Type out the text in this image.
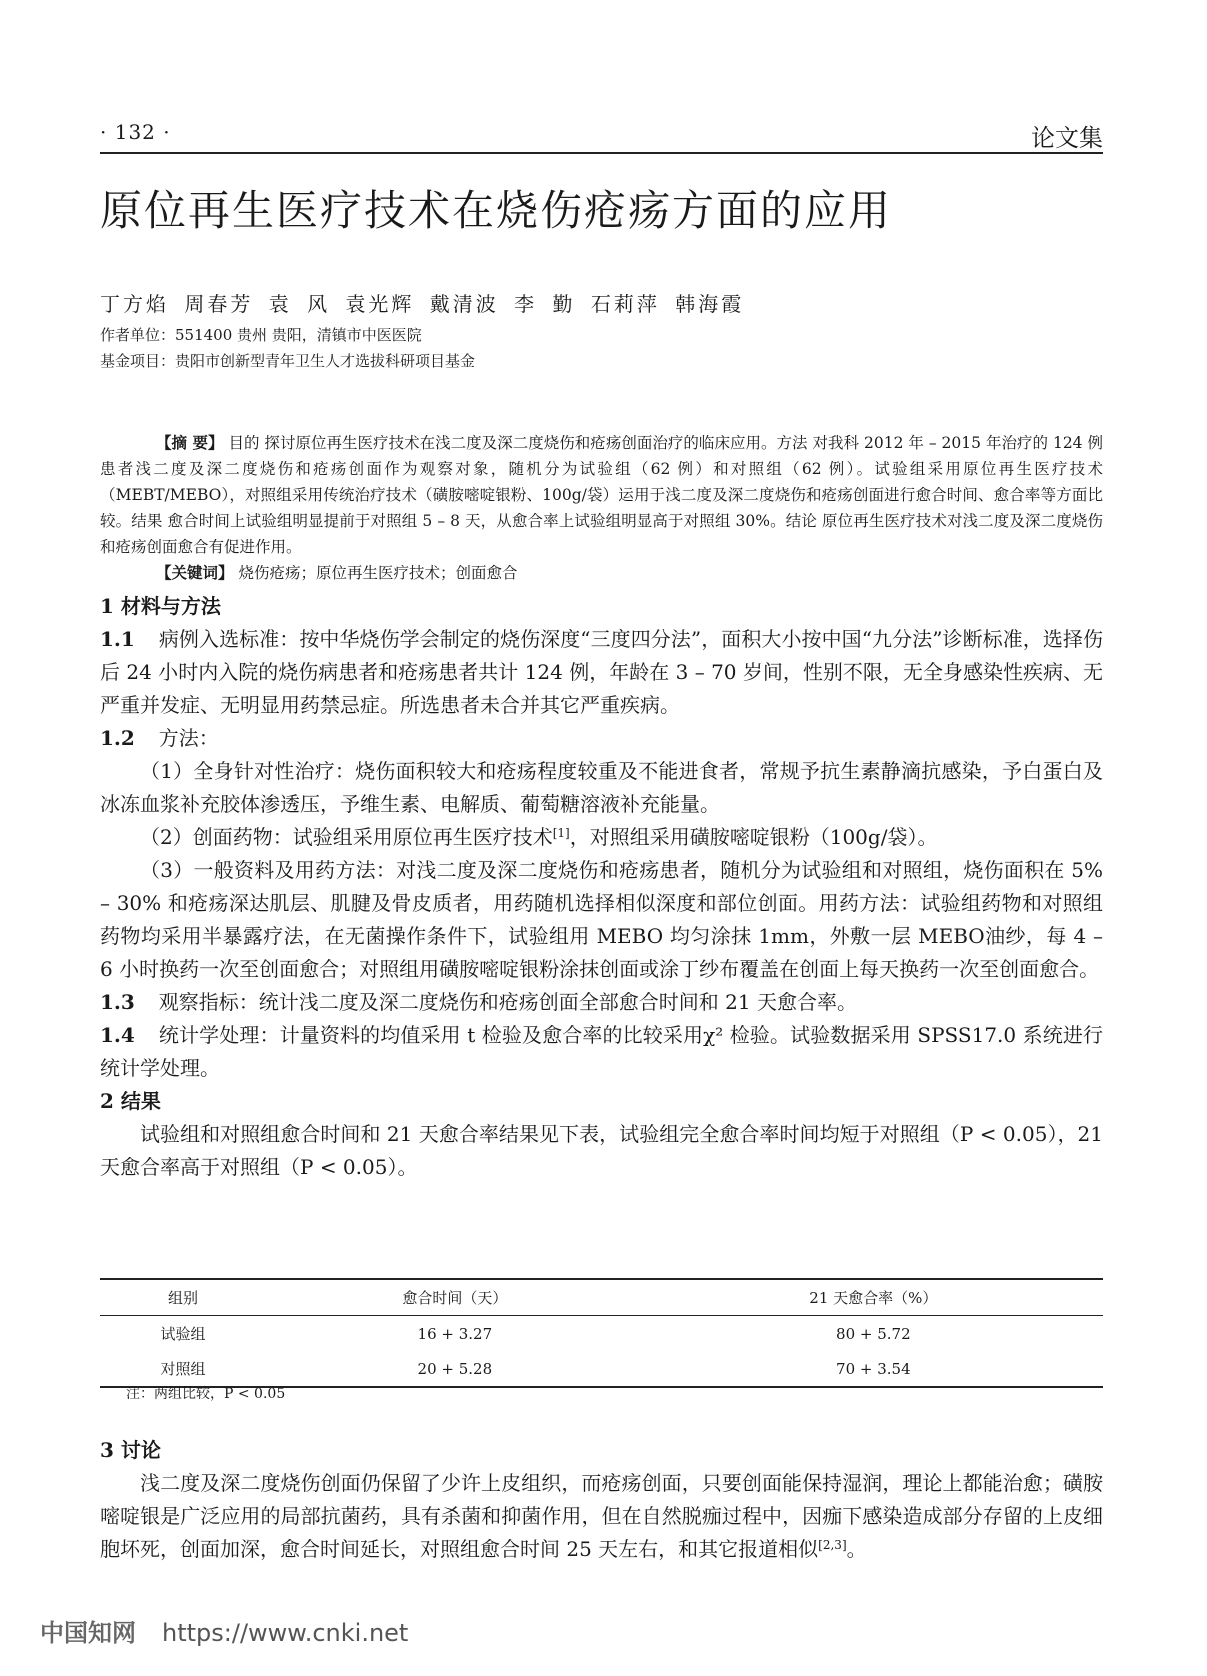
· 132 ·	论文集
原位再生医疗技术在烧伤疮疡方面的应用
丁方焰 周春芳 袁 风 袁光辉 戴清波 李 勤 石莉萍 韩海霞
作者单位：551400 贵州 贵阳，清镇市中医医院
基金项目：贵阳市创新型青年卫生人才选拔科研项目基金

【摘 要】 目的 探讨原位再生医疗技术在浅二度及深二度烧伤和疮疡创面治疗的临床应用。方法 对我科 2012 年 – 2015 年治疗的 124 例患者浅二度及深二度烧伤和疮疡创面作为观察对象，随机分为试验组（62 例）和对照组（62 例）。试验组采用原位再生医疗技术（MEBT/MEBO），对照组采用传统治疗技术（磺胺嘧啶银粉、100g/袋）运用于浅二度及深二度烧伤和疮疡创面进行愈合时间、愈合率等方面比较。结果 愈合时间上试验组明显提前于对照组 5 – 8 天，从愈合率上试验组明显高于对照组 30%。结论 原位再生医疗技术对浅二度及深二度烧伤和疮疡创面愈合有促进作用。

【关键词】 烧伤疮疡；原位再生医疗技术；创面愈合

1 材料与方法

1.1 病例入选标准：按中华烧伤学会制定的烧伤深度“三度四分法”，面积大小按中国“九分法”诊断标准，选择伤后 24 小时内入院的烧伤病患者和疮疡患者共计 124 例，年龄在 3 – 70 岁间，性别不限，无全身感染性疾病、无严重并发症、无明显用药禁忌症。所选患者未合并其它严重疾病。

1.2 方法：

（1）全身针对性治疗：烧伤面积较大和疮疡程度较重及不能进食者，常规予抗生素静滴抗感染，予白蛋白及冰冻血浆补充胶体渗透压，予维生素、电解质、葡萄糖溶液补充能量。

（2）创面药物：试验组采用原位再生医疗技术[1]，对照组采用磺胺嘧啶银粉（100g/袋）。

（3）一般资料及用药方法：对浅二度及深二度烧伤和疮疡患者，随机分为试验组和对照组，烧伤面积在 5% – 30% 和疮疡深达肌层、肌腱及骨皮质者，用药随机选择相似深度和部位创面。用药方法：试验组药物和对照组药物均采用半暴露疗法，在无菌操作条件下，试验组用 MEBO 均匀涂抹 1mm，外敷一层 MEBO油纱，每 4 – 6 小时换药一次至创面愈合；对照组用磺胺嘧啶银粉涂抹创面或涂丁纱布覆盖在创面上每天换药一次至创面愈合。

1.3 观察指标：统计浅二度及深二度烧伤和疮疡创面全部愈合时间和 21 天愈合率。

1.4 统计学处理：计量资料的均值采用 t 检验及愈合率的比较采用χ² 检验。试验数据采用 SPSS17.0 系统进行统计学处理。

2 结果

试验组和对照组愈合时间和 21 天愈合率结果见下表，试验组完全愈合率时间均短于对照组（P < 0.05），21 天愈合率高于对照组（P < 0.05）。

组别	愈合时间（天）	21 天愈合率（%）
试验组	16 + 3.27	80 + 5.72
对照组	20 + 5.28	70 + 3.54
注：两组比较，P < 0.05

3 讨论

浅二度及深二度烧伤创面仍保留了少许上皮组织，而疮疡创面，只要创面能保持湿润，理论上都能治愈；磺胺嘧啶银是广泛应用的局部抗菌药，具有杀菌和抑菌作用，但在自然脱痂过程中，因痂下感染造成部分存留的上皮细胞坏死，创面加深，愈合时间延长，对照组愈合时间 25 天左右，和其它报道相似[2,3]。

中国知网 https://www.cnki.net
